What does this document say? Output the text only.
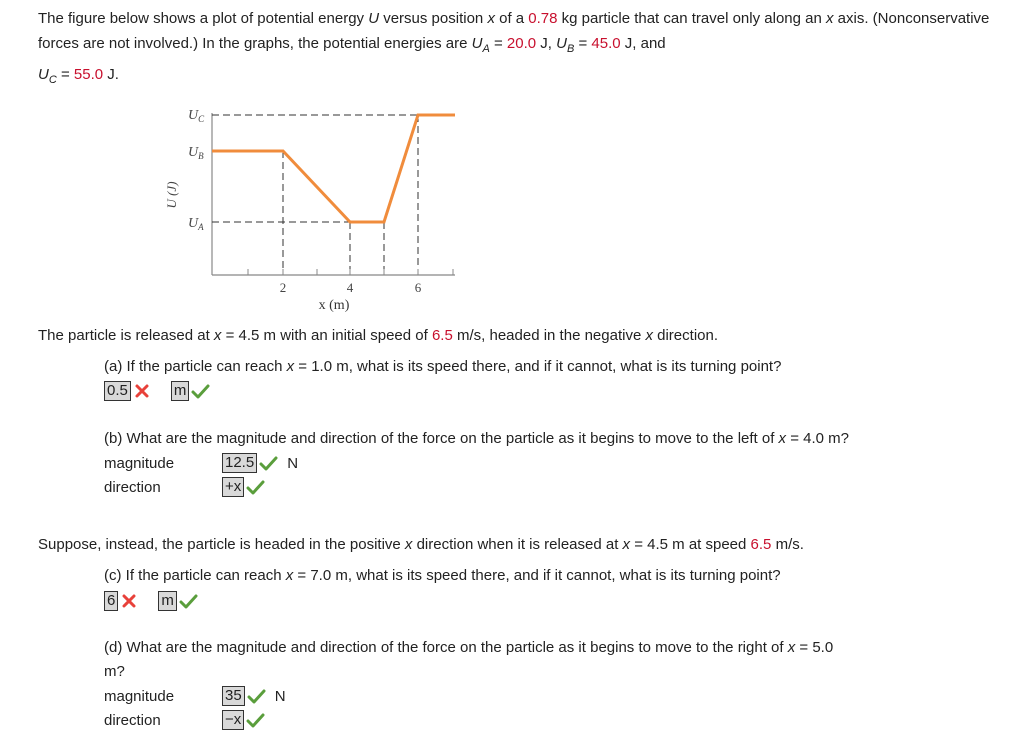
The figure below shows a plot of potential energy U versus position x of a 0.78 kg particle that can travel only along an x axis. (Nonconservative forces are not involved.) In the graphs, the potential energies are $U_A = 20.0$ J, $U_B = 45.0$ J, and
$U_C = 55.0$ J.
U (J)
$U_C$
$U_B$
$U_A$
2	4	6
x (m)
The particle is released at x = 4.5 m with an initial speed of 6.5 m/s, headed in the negative x direction.
(a) If the particle can reach x = 1.0 m, what is its speed there, and if it cannot, what is its turning point?
0.5	m
(b) What are the magnitude and direction of the force on the particle as it begins to move to the left of x = 4.0 m?
magnitude	12.5 N
direction	+x
Suppose, instead, the particle is headed in the positive x direction when it is released at x = 4.5 m at speed 6.5 m/s.
(c) If the particle can reach x = 7.0 m, what is its speed there, and if it cannot, what is its turning point?
6	m
(d) What are the magnitude and direction of the force on the particle as it begins to move to the right of x = 5.0
m?
magnitude	35 N
direction	−x
